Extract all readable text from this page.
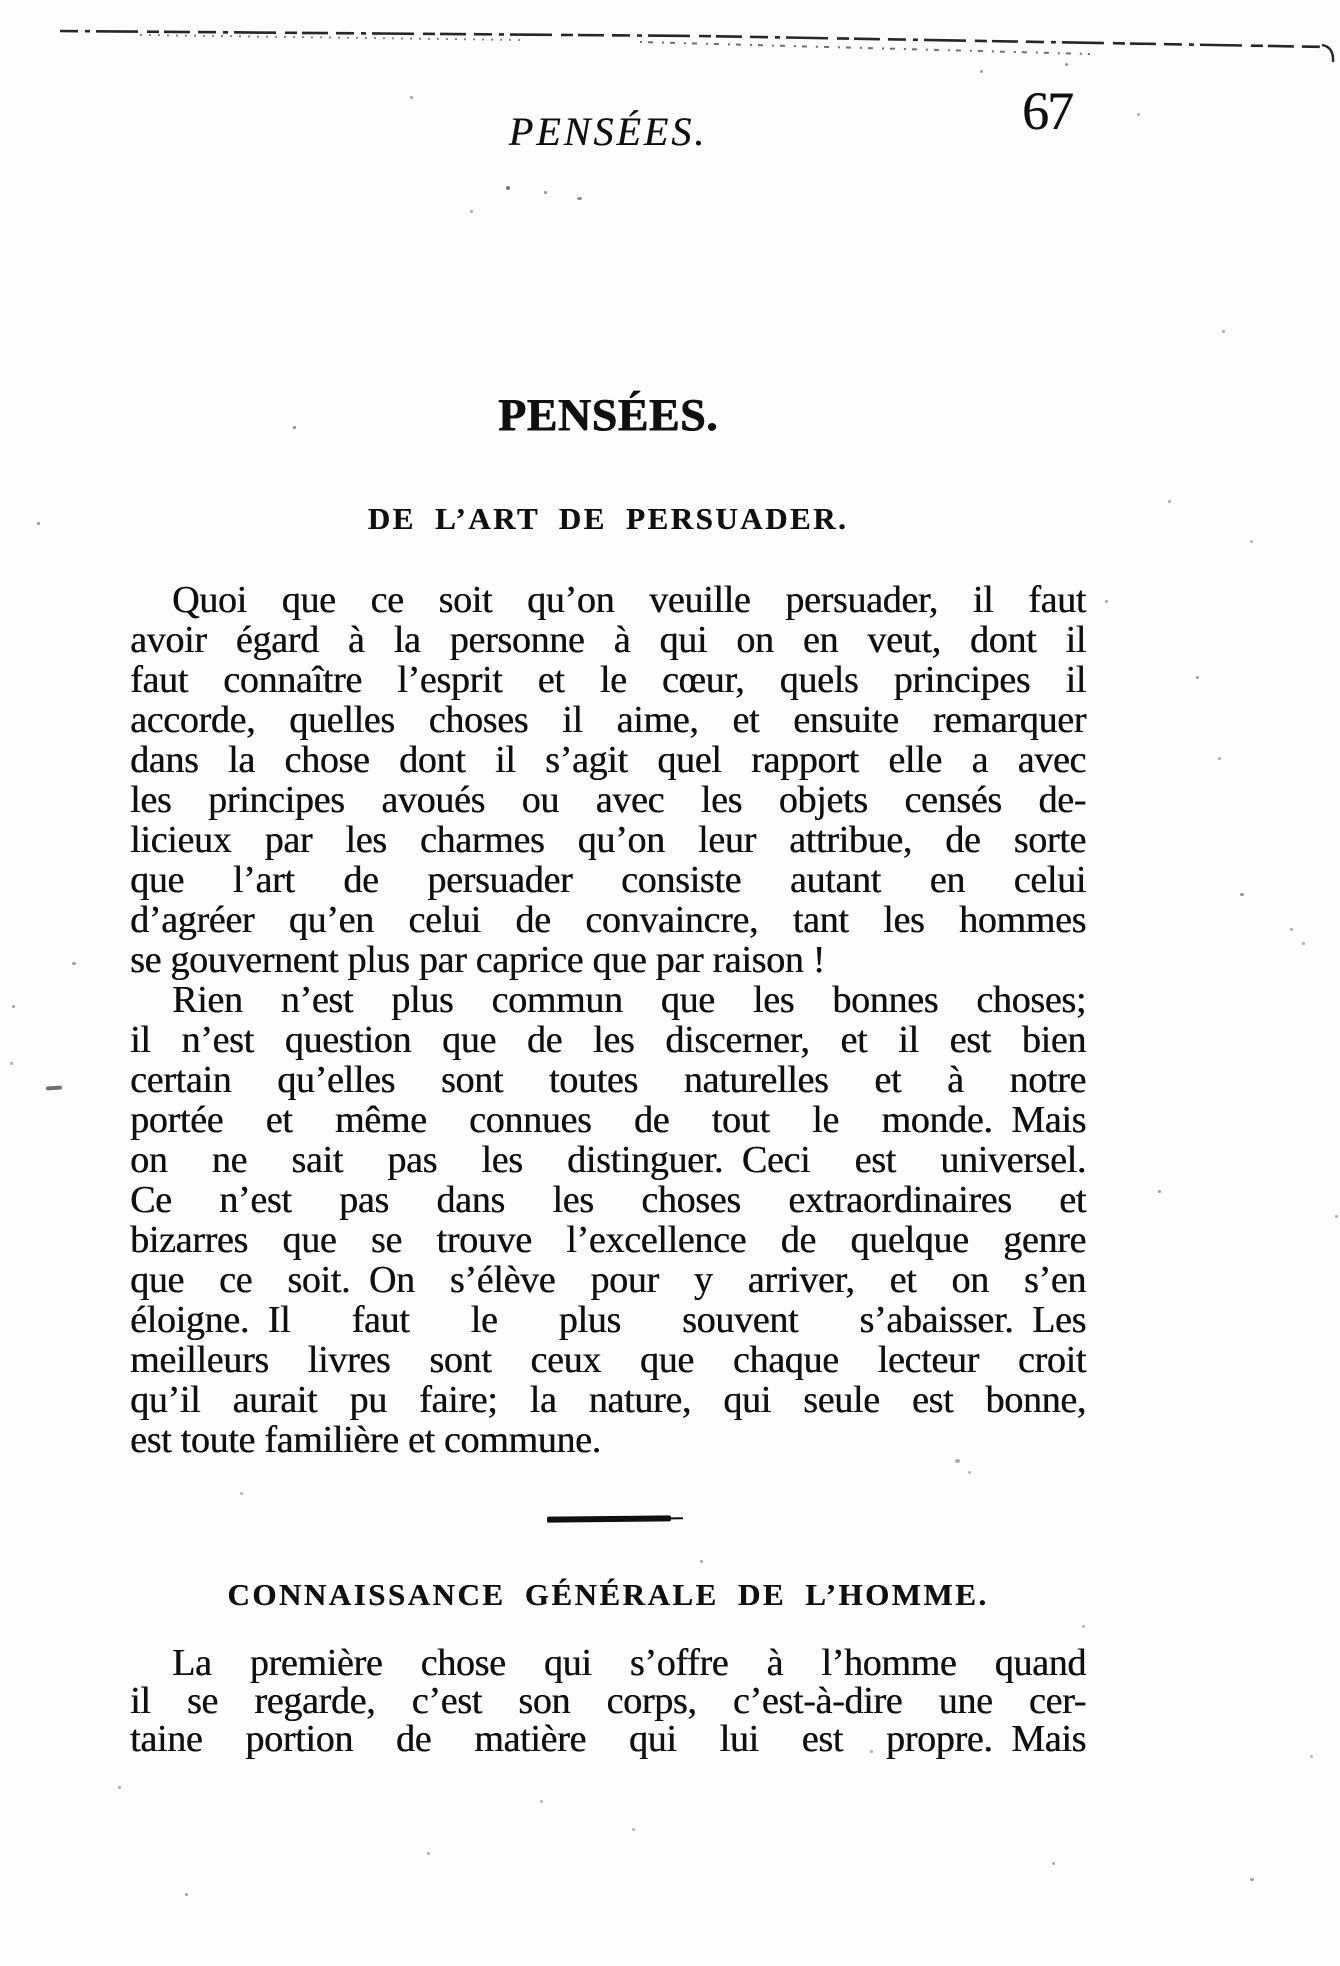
PENSÉES.	67
PENSÉES.
DE L’ART DE PERSUADER.
Quoi que ce soit qu’on veuille persuader, il faut
avoir égard à la personne à qui on en veut, dont il
faut connaître l’esprit et le cœur, quels principes il
accorde, quelles choses il aime, et ensuite remarquer
dans la chose dont il s’agit quel rapport elle a avec
les principes avoués ou avec les objets censés de-
licieux par les charmes qu’on leur attribue, de sorte
que l’art de persuader consiste autant en celui
d’agréer qu’en celui de convaincre, tant les hommes
se gouvernent plus par caprice que par raison !
Rien n’est plus commun que les bonnes choses;
il n’est question que de les discerner, et il est bien
certain qu’elles sont toutes naturelles et à notre
portée et même connues de tout le monde. Mais
on ne sait pas les distinguer. Ceci est universel.
Ce n’est pas dans les choses extraordinaires et
bizarres que se trouve l’excellence de quelque genre
que ce soit. On s’élève pour y arriver, et on s’en
éloigne. Il faut le plus souvent s’abaisser. Les
meilleurs livres sont ceux que chaque lecteur croit
qu’il aurait pu faire; la nature, qui seule est bonne,
est toute familière et commune.
CONNAISSANCE GÉNÉRALE DE L’HOMME.
La première chose qui s’offre à l’homme quand
il se regarde, c’est son corps, c’est-à-dire une cer-
taine portion de matière qui lui est propre. Mais
